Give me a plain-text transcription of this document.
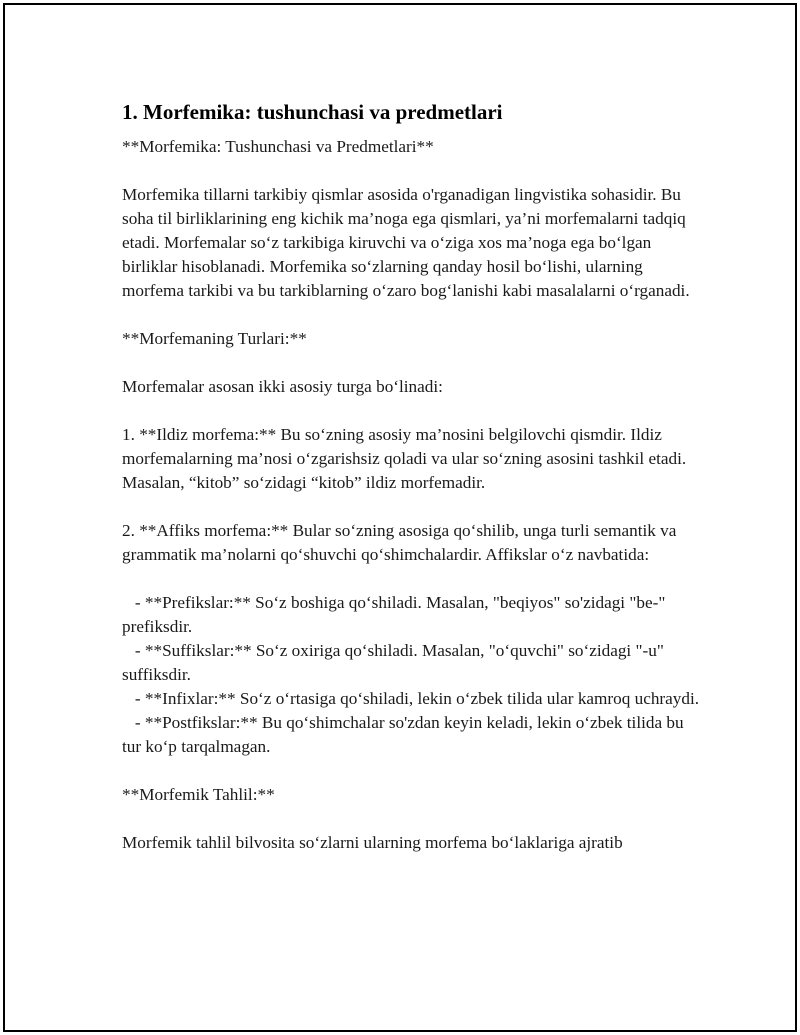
1. Morfemika: tushunchasi va predmetlari

**Morfemika: Tushunchasi va Predmetlari**

Morfemika tillarni tarkibiy qismlar asosida o'rganadigan lingvistika sohasidir. Bu soha til birliklarining eng kichik ma’noga ega qismlari, ya’ni morfemalarni tadqiq etadi. Morfemalar so‘z tarkibiga kiruvchi va o‘ziga xos ma’noga ega bo‘lgan birliklar hisoblanadi. Morfemika so‘zlarning qanday hosil bo‘lishi, ularning morfema tarkibi va bu tarkiblarning o‘zaro bog‘lanishi kabi masalalarni o‘rganadi.

**Morfemaning Turlari:**

Morfemalar asosan ikki asosiy turga bo‘linadi:

1. **Ildiz morfema:** Bu so‘zning asosiy ma’nosini belgilovchi qismdir. Ildiz morfemalarning ma’nosi o‘zgarishsiz qoladi va ular so‘zning asosini tashkil etadi. Masalan, “kitob” so‘zidagi “kitob” ildiz morfemadir.

2. **Affiks morfema:** Bular so‘zning asosiga qo‘shilib, unga turli semantik va grammatik ma’nolarni qo‘shuvchi qo‘shimchalardir. Affikslar o‘z navbatida:

- **Prefikslar:** So‘z boshiga qo‘shiladi. Masalan, "beqiyos" so'zidagi "be-" prefiksdir.

- **Suffikslar:** So‘z oxiriga qo‘shiladi. Masalan, "o‘quvchi" so‘zidagi "-u" suffiksdir.

- **Infixlar:** So‘z o‘rtasiga qo‘shiladi, lekin o‘zbek tilida ular kamroq uchraydi.

- **Postfikslar:** Bu qo‘shimchalar so'zdan keyin keladi, lekin o‘zbek tilida bu tur ko‘p tarqalmagan.

**Morfemik Tahlil:**

Morfemik tahlil bilvosita so‘zlarni ularning morfema bo‘laklariga ajratib
